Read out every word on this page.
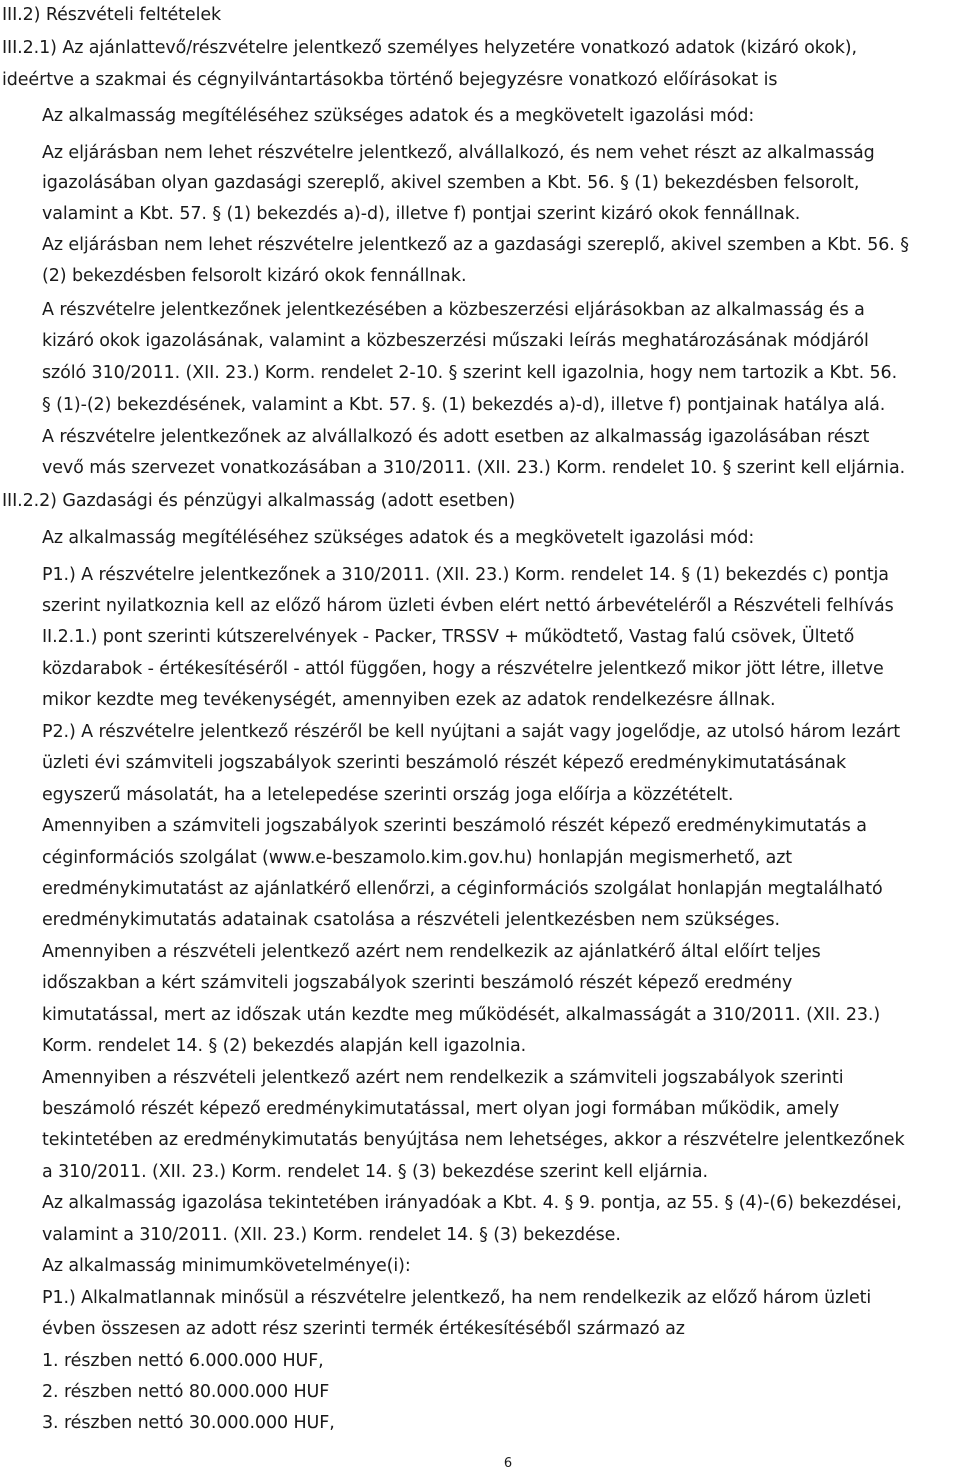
III.2) Részvételi feltételek
III.2.1) Az ajánlattevő/részvételre jelentkező személyes helyzetére vonatkozó adatok (kizáró okok),
ideértve a szakmai és cégnyilvántartásokba történő bejegyzésre vonatkozó előírásokat is
Az alkalmasság megítéléséhez szükséges adatok és a megkövetelt igazolási mód:
Az eljárásban nem lehet részvételre jelentkező, alvállalkozó, és nem vehet részt az alkalmasság
igazolásában olyan gazdasági szereplő, akivel szemben a Kbt. 56. § (1) bekezdésben felsorolt,
valamint a Kbt. 57. § (1) bekezdés a)-d), illetve f) pontjai szerint kizáró okok fennállnak.
Az eljárásban nem lehet részvételre jelentkező az a gazdasági szereplő, akivel szemben a Kbt. 56. §
(2) bekezdésben felsorolt kizáró okok fennállnak.
A részvételre jelentkezőnek jelentkezésében a közbeszerzési eljárásokban az alkalmasság és a
kizáró okok igazolásának, valamint a közbeszerzési műszaki leírás meghatározásának módjáról
szóló 310/2011. (XII. 23.) Korm. rendelet 2-10. § szerint kell igazolnia, hogy nem tartozik a Kbt. 56.
§ (1)-(2) bekezdésének, valamint a Kbt. 57. §. (1) bekezdés a)-d), illetve f) pontjainak hatálya alá.
A részvételre jelentkezőnek az alvállalkozó és adott esetben az alkalmasság igazolásában részt
vevő más szervezet vonatkozásában a 310/2011. (XII. 23.) Korm. rendelet 10. § szerint kell eljárnia.
III.2.2) Gazdasági és pénzügyi alkalmasság (adott esetben)
Az alkalmasság megítéléséhez szükséges adatok és a megkövetelt igazolási mód:
P1.) A részvételre jelentkezőnek a 310/2011. (XII. 23.) Korm. rendelet 14. § (1) bekezdés c) pontja
szerint nyilatkoznia kell az előző három üzleti évben elért nettó árbevételéről a Részvételi felhívás
II.2.1.) pont szerinti kútszerelvények - Packer, TRSSV + működtető, Vastag falú csövek, Ültető
közdarabok - értékesítéséről - attól függően, hogy a részvételre jelentkező mikor jött létre, illetve
mikor kezdte meg tevékenységét, amennyiben ezek az adatok rendelkezésre állnak.
P2.) A részvételre jelentkező részéről be kell nyújtani a saját vagy jogelődje, az utolsó három lezárt
üzleti évi számviteli jogszabályok szerinti beszámoló részét képező eredménykimutatásának
egyszerű másolatát, ha a letelepedése szerinti ország joga előírja a közzétételt.
Amennyiben a számviteli jogszabályok szerinti beszámoló részét képező eredménykimutatás a
céginformációs szolgálat (www.e-beszamolo.kim.gov.hu) honlapján megismerhető, azt
eredménykimutatást az ajánlatkérő ellenőrzi, a céginformációs szolgálat honlapján megtalálható
eredménykimutatás adatainak csatolása a részvételi jelentkezésben nem szükséges.
Amennyiben a részvételi jelentkező azért nem rendelkezik az ajánlatkérő által előírt teljes
időszakban a kért számviteli jogszabályok szerinti beszámoló részét képező eredmény
kimutatással, mert az időszak után kezdte meg működését, alkalmasságát a 310/2011. (XII. 23.)
Korm. rendelet 14. § (2) bekezdés alapján kell igazolnia.
Amennyiben a részvételi jelentkező azért nem rendelkezik a számviteli jogszabályok szerinti
beszámoló részét képező eredménykimutatással, mert olyan jogi formában működik, amely
tekintetében az eredménykimutatás benyújtása nem lehetséges, akkor a részvételre jelentkezőnek
a 310/2011. (XII. 23.) Korm. rendelet 14. § (3) bekezdése szerint kell eljárnia.
Az alkalmasság igazolása tekintetében irányadóak a Kbt. 4. § 9. pontja, az 55. § (4)-(6) bekezdései,
valamint a 310/2011. (XII. 23.) Korm. rendelet 14. § (3) bekezdése.
Az alkalmasság minimumkövetelménye(i):
P1.) Alkalmatlannak minősül a részvételre jelentkező, ha nem rendelkezik az előző három üzleti
évben összesen az adott rész szerinti termék értékesítéséből származó az
1. részben nettó 6.000.000 HUF,
2. részben nettó 80.000.000 HUF
3. részben nettó 30.000.000 HUF,
6
